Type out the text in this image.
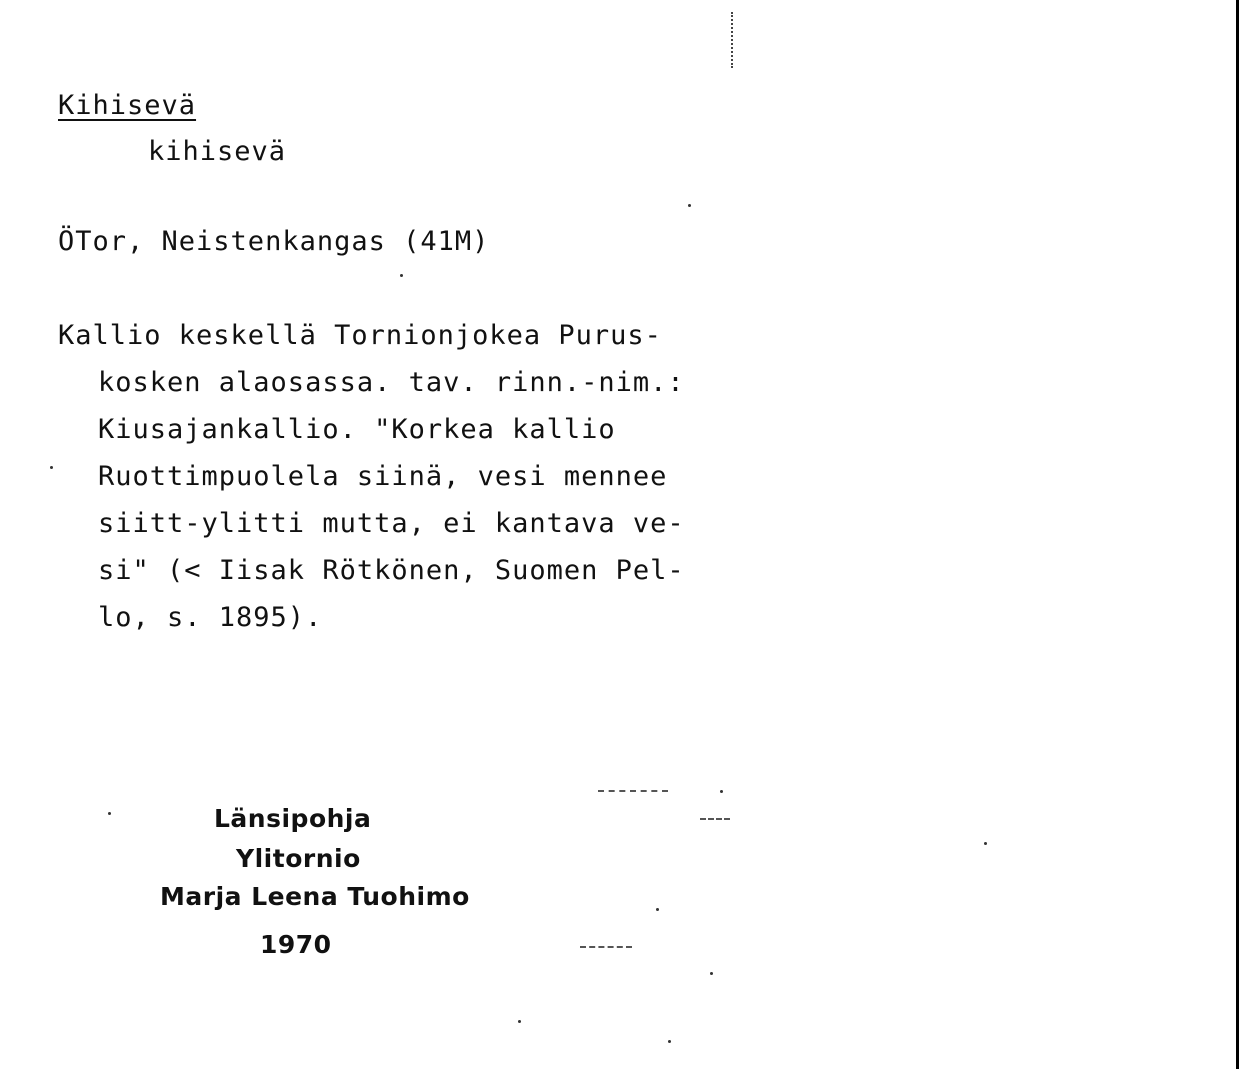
Kihisevä
kihisevä
ÖTor, Neistenkangas (41M)
Kallio keskellä Tornionjokea Purus-
kosken alaosassa. tav. rinn.-nim.:
Kiusajankallio. "Korkea kallio
Ruottimpuolela siinä, vesi mennee
siitt-ylitti mutta, ei kantava ve-
si" (< Iisak Rötkönen, Suomen Pel-
lo, s. 1895).
Länsipohja
Ylitornio
Marja Leena Tuohimo
1970
